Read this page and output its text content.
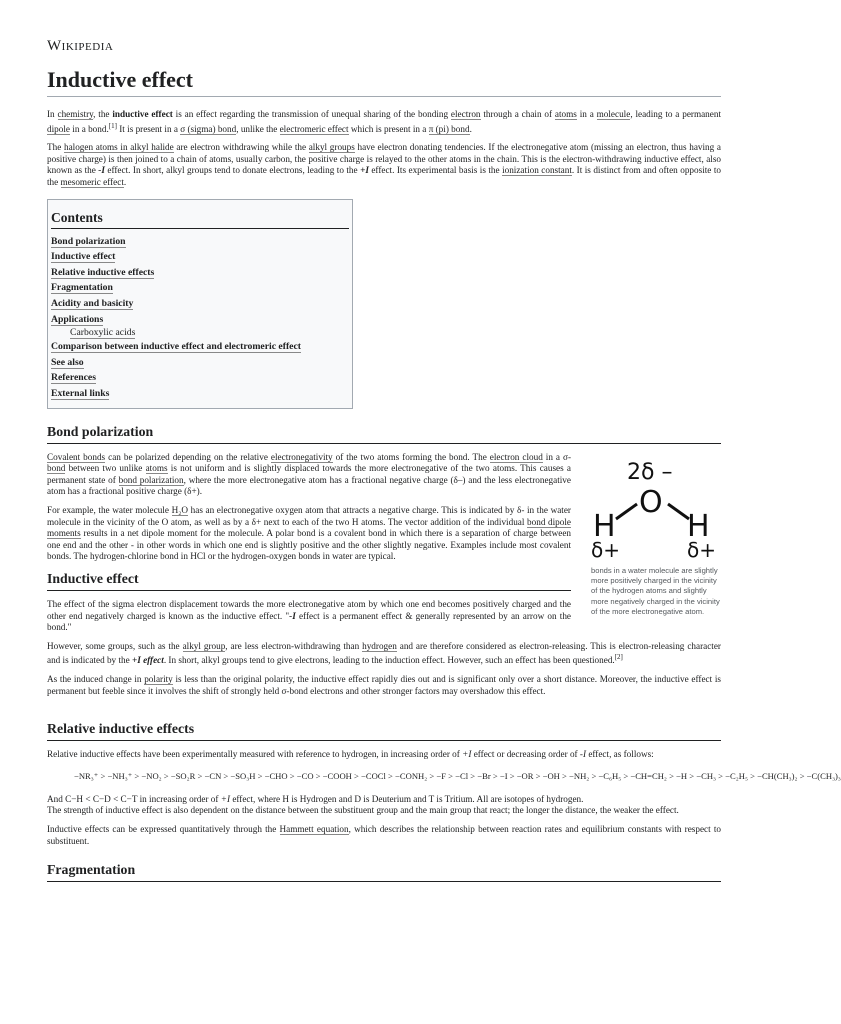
Wikipedia
Inductive effect

In chemistry, the inductive effect is an effect regarding the transmission of unequal sharing of the bonding electron through a chain of atoms in a molecule, leading to a permanent dipole in a bond.[1] It is present in a σ (sigma) bond, unlike the electromeric effect which is present in a π (pi) bond.

The halogen atoms in alkyl halide are electron withdrawing while the alkyl groups have electron donating tendencies. If the electronegative atom (missing an electron, thus having a positive charge) is then joined to a chain of atoms, usually carbon, the positive charge is relayed to the other atoms in the chain. This is the electron-withdrawing inductive effect, also known as the -I effect. In short, alkyl groups tend to donate electrons, leading to the +I effect. Its experimental basis is the ionization constant. It is distinct from and often opposite to the mesomeric effect.

Contents
Bond polarization
Inductive effect
Relative inductive effects
Fragmentation
Acidity and basicity
Applications
Carboxylic acids
Comparison between inductive effect and electromeric effect
See also
References
External links
Bond polarization

Covalent bonds can be polarized depending on the relative electronegativity of the two atoms forming the bond. The electron cloud in a σ-bond between two unlike atoms is not uniform and is slightly displaced towards the more electronegative of the two atoms. This causes a permanent state of bond polarization, where the more electronegative atom has a fractional negative charge (δ–) and the less electronegative atom has a fractional positive charge (δ+).

For example, the water molecule H₂O has an electronegative oxygen atom that attracts a negative charge. This is indicated by δ- in the water molecule in the vicinity of the O atom, as well as by a δ+ next to each of the two H atoms. The vector addition of the individual bond dipole moments results in a net dipole moment for the molecule. A polar bond is a covalent bond in which there is a separation of charge between one end and the other - in other words in which one end is slightly positive and the other slightly negative. Examples include most covalent bonds. The hydrogen-chlorine bond in HCl or the hydrogen-oxygen bonds in water are typical.

2δ –
O
H H
δ+	δ+
bonds in a water molecule are slightly more positively charged in the vicinity of the hydrogen atoms and slightly more negatively charged in the vicinity of the more electronegative atom.
Inductive effect

The effect of the sigma electron displacement towards the more electronegative atom by which one end becomes positively charged and the other end negatively charged is known as the inductive effect. "-I effect is a permanent effect & generally represented by an arrow on the bond."

However, some groups, such as the alkyl group, are less electron-withdrawing than hydrogen and are therefore considered as electron-releasing. This is electron-releasing character and is indicated by the +I effect. In short, alkyl groups tend to give electrons, leading to the induction effect. However, such an effect has been questioned.[2]

As the induced change in polarity is less than the original polarity, the inductive effect rapidly dies out and is significant only over a short distance. Moreover, the inductive effect is permanent but feeble since it involves the shift of strongly held σ-bond electrons and other stronger factors may overshadow this effect.

Relative inductive effects

Relative inductive effects have been experimentally measured with reference to hydrogen, in increasing order of +I effect or decreasing order of -I effect, as follows:

−NR₃⁺ > −NH₃⁺ > −NO₂ > −SO₂R > −CN > −SO₃H > −CHO > −CO > −COOH > −COCl > −CONH₂ > −F > −Cl > −Br > −I > −OR > −OH > −NH₂ > −C₆H₅ > −CH=CH₂ > −H > −CH₃ > −C₂H₅ > −CH(CH₃)₂ > −C(CH₃)₃

And C−H < C−D < C−T in increasing order of +I effect, where H is Hydrogen and D is Deuterium and T is Tritium. All are isotopes of hydrogen.

The strength of inductive effect is also dependent on the distance between the substituent group and the main group that react; the longer the distance, the weaker the effect.

Inductive effects can be expressed quantitatively through the Hammett equation, which describes the relationship between reaction rates and equilibrium constants with respect to substituent.

Fragmentation
